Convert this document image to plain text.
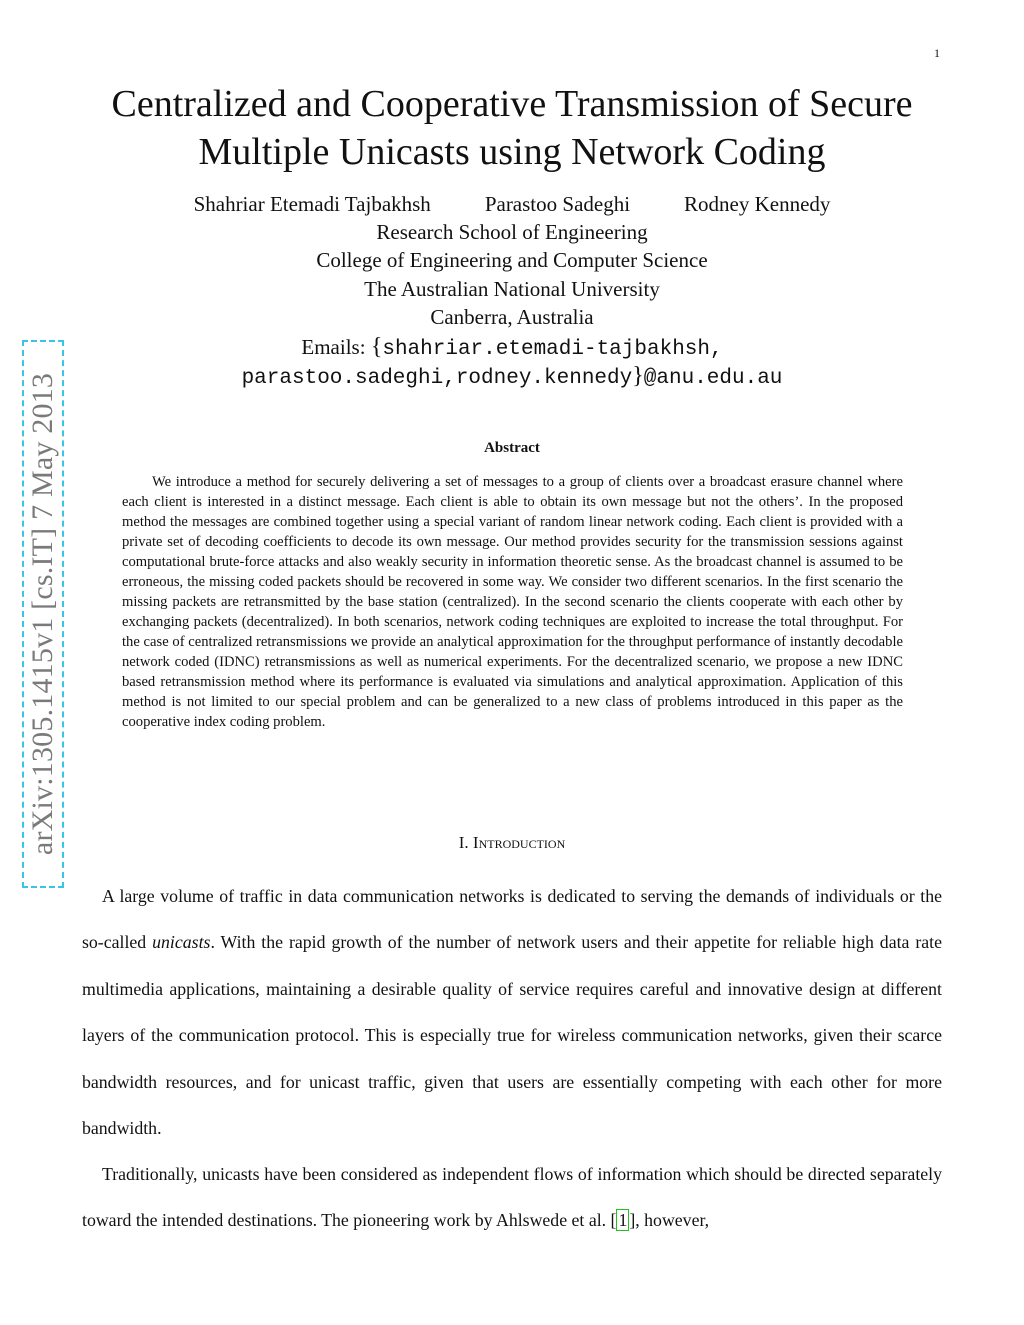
1
arXiv:1305.1415v1 [cs.IT] 7 May 2013
Centralized and Cooperative Transmission of Secure
Multiple Unicasts using Network Coding
Shahriar Etemadi Tajbakhsh	Parastoo Sadeghi	Rodney Kennedy
Research School of Engineering
College of Engineering and Computer Science
The Australian National University
Canberra, Australia
Emails: {shahriar.etemadi-tajbakhsh,
parastoo.sadeghi,rodney.kennedy}@anu.edu.au
Abstract

We introduce a method for securely delivering a set of messages to a group of clients over a broadcast erasure channel where each client is interested in a distinct message. Each client is able to obtain its own message but not the others’. In the proposed method the messages are combined together using a special variant of random linear network coding. Each client is provided with a private set of decoding coefficients to decode its own message. Our method provides security for the transmission sessions against computational brute-force attacks and also weakly security in information theoretic sense. As the broadcast channel is assumed to be erroneous, the missing coded packets should be recovered in some way. We consider two different scenarios. In the first scenario the missing packets are retransmitted by the base station (centralized). In the second scenario the clients cooperate with each other by exchanging packets (decentralized). In both scenarios, network coding techniques are exploited to increase the total throughput. For the case of centralized retransmissions we provide an analytical approximation for the throughput performance of instantly decodable network coded (IDNC) retransmissions as well as numerical experiments. For the decentralized scenario, we propose a new IDNC based retransmission method where its performance is evaluated via simulations and analytical approximation. Application of this method is not limited to our special problem and can be generalized to a new class of problems introduced in this paper as the cooperative index coding problem.

I. Introduction

A large volume of traffic in data communication networks is dedicated to serving the demands of individuals or the so-called unicasts. With the rapid growth of the number of network users and their appetite for reliable high data rate multimedia applications, maintaining a desirable quality of service requires careful and innovative design at different layers of the communication protocol. This is especially true for wireless communication networks, given their scarce bandwidth resources, and for unicast traffic, given that users are essentially competing with each other for more bandwidth.

Traditionally, unicasts have been considered as independent flows of information which should be directed separately toward the intended destinations. The pioneering work by Ahlswede et al. [ 1 ], however,
